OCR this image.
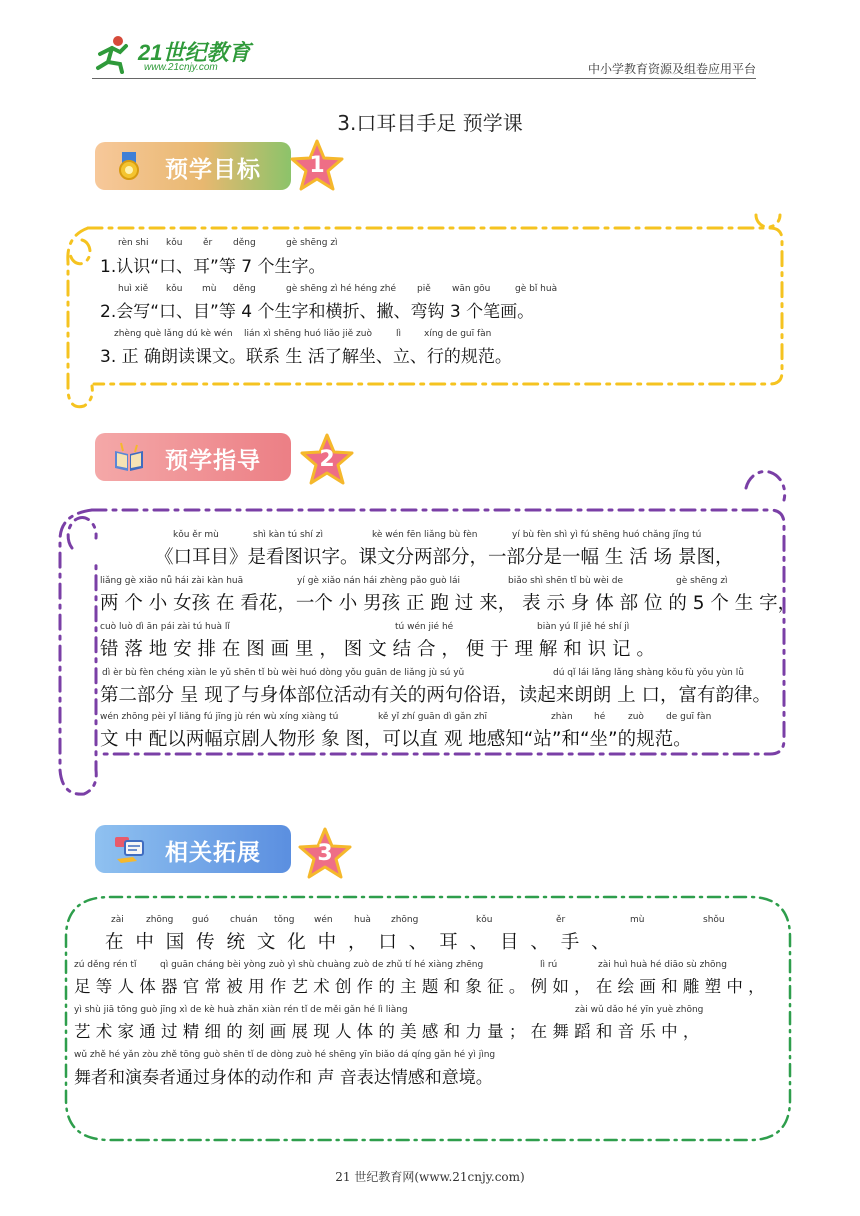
21世纪教育
www.21cnjy.com	中小学教育资源及组卷应用平台
3.口耳目手足 预学课
预学目标	1
rèn shi kǒu ěr děng	gè shēng zì
1.认识“口、耳”等 7 个生字。
huì xiě kǒu mù děng	gè shēng zì hé héng zhé piě wān gōu	gè bǐ huà
2.会写“口、目”等 4 个生字和横折、撇、弯钩 3 个笔画。
zhèng què lǎng dú kè wén lián xì shēng huó liǎo jiě zuò	lì	xíng de guī fàn
3. 正 确朗读课文。联系 生 活了解坐、立、行的规范。
预学指导	2
kǒu ěr mù	shì kàn tú shí zì	kè wén fēn liǎng bù fèn	yí bù fèn shì yì fú shēng huó chǎng jǐng tú
《口耳目》是看图识字。课文分两部分，一部分是一幅 生 活 场 景图，
liǎng gè xiǎo nǚ hái zài kàn huā	yí gè xiǎo nán hái zhèng pǎo guò lái	biǎo shì shēn tǐ bù wèi de	gè shēng zì
两 个 小 女孩 在 看花，一个 小 男孩 正 跑 过 来， 表 示 身 体 部 位 的 5 个 生 字，
cuò luò dì ān pái zài tú huà lǐ	tú wén jié hé	biàn yú lǐ jiě hé shí jì
错 落 地 安 排 在 图 画 里 ， 图 文 结 合 ， 便 于 理 解 和 识 记 。
dì èr bù fèn chéng xiàn le yǔ shēn tǐ bù wèi huó dòng yǒu guān de liǎng jù sú yǔ	dú qǐ lái lǎng lǎng shàng kǒu fù yǒu yùn lǜ
第二部分 呈 现了与身体部位活动有关的两句俗语，读起来朗朗 上 口，富有韵律。
wén zhōng pèi yǐ liǎng fú jīng jù rén wù xíng xiàng tú	kě yǐ zhí guān dì gǎn zhī	zhàn hé	zuò de guī fàn
文 中 配以两幅京剧人物形 象 图，可以直 观 地感知“站”和“坐”的规范。
相关拓展	3
zài zhōng guó chuán tǒng wén huà zhōng	kǒu	ěr	mù	shǒu
在 中 国 传 统 文 化 中 ， 口 、 耳 、 目 、 手 、
zú děng rén tǐ	qì guān cháng bèi yòng zuò yì shù chuàng zuò de zhǔ tí hé xiàng zhēng	lì rú	zài huì huà hé diāo sù zhōng
足 等 人 体 器 官 常 被 用 作 艺 术 创 作 的 主 题 和 象 征 。 例 如 ， 在 绘 画 和 雕 塑 中 ，
yì shù jiā tōng guò jīng xì de kè huà zhǎn xiàn rén tǐ de měi gǎn hé lì liàng	zài wǔ dǎo hé yīn yuè zhōng
艺 术 家 通 过 精 细 的 刻 画 展 现 人 体 的 美 感 和 力 量 ； 在 舞 蹈 和 音 乐 中 ，
wǔ zhě hé yǎn zòu zhě tōng guò shēn tǐ de dòng zuò hé shēng yīn biǎo dá qíng gǎn hé yì jìng
舞者和演奏者通过身体的动作和 声 音表达情感和意境。
21 世纪教育网(www.21cnjy.com)
